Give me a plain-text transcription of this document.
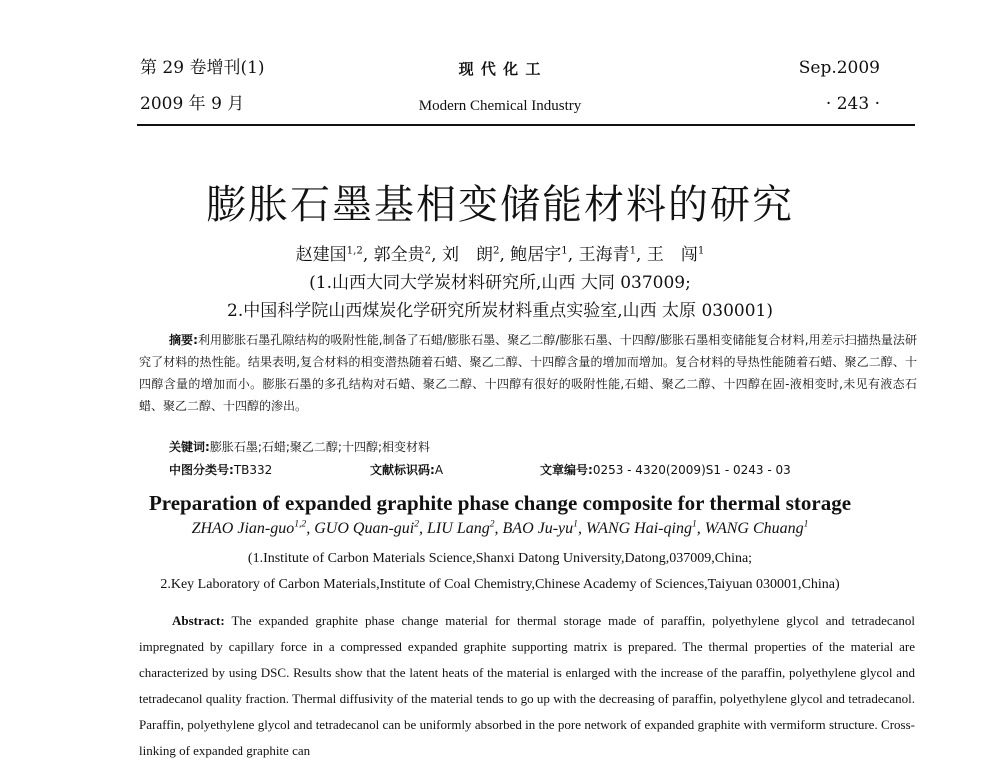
第 29 卷增刊(1)	现 代 化 工	Sep.2009
2009 年 9 月	Modern Chemical Industry	· 243 ·
膨胀石墨基相变储能材料的研究
赵建国$^{1,2}$, 郭全贵$^2$, 刘　朗$^2$, 鲍居宇$^1$, 王海青$^1$, 王　闯$^1$
(1.山西大同大学炭材料研究所,山西 大同 037009;
2.中国科学院山西煤炭化学研究所炭材料重点实验室,山西 太原 030001)
摘要:利用膨胀石墨孔隙结构的吸附性能,制备了石蜡/膨胀石墨、聚乙二醇/膨胀石墨、十四醇/膨胀石墨相变储能复合材料,用差示扫描热量法研究了材料的热性能。结果表明,复合材料的相变潜热随着石蜡、聚乙二醇、十四醇含量的增加而增加。复合材料的导热性能随着石蜡、聚乙二醇、十四醇含量的增加而小。膨胀石墨的多孔结构对石蜡、聚乙二醇、十四醇有很好的吸附性能,石蜡、聚乙二醇、十四醇在固-液相变时,未见有液态石蜡、聚乙二醇、十四醇的渗出。
关键词:膨胀石墨;石蜡;聚乙二醇;十四醇;相变材料
中图分类号:TB332	文献标识码:A	文章编号:0253 - 4320(2009)S1 - 0243 - 03
Preparation of expanded graphite phase change composite for thermal storage
ZHAO Jian-guo$^{1,2}$, GUO Quan-gui$^2$, LIU Lang$^2$, BAO $Ju-yu^1$, WANG Hai-qing$^1$, WANG Chuang$^1$
(1.Institute of Carbon Materials Science,Shanxi Datong University,Datong,037009,China;
2.Key Laboratory of Carbon Materials,Institute of Coal Chemistry,Chinese Academy of Sciences,Taiyuan 030001,China)
Abstract: The expanded graphite phase change material for thermal storage made of paraffin, polyethylene glycol and tetradecanol impregnated by capillary force in a compressed expanded graphite supporting matrix is prepared. The thermal properties of the material are characterized by using DSC. Results show that the latent heats of the material is enlarged with the increase of the paraffin, polyethylene glycol and tetradecanol quality fraction. Thermal diffusivity of the material tends to go up with the decreasing of paraffin, polyethylene glycol and tetradecanol. Paraffin, polyethylene glycol and tetradecanol can be uniformly absorbed in the pore network of expanded graphite with vermiform structure. Cross-linking of expanded graphite can
